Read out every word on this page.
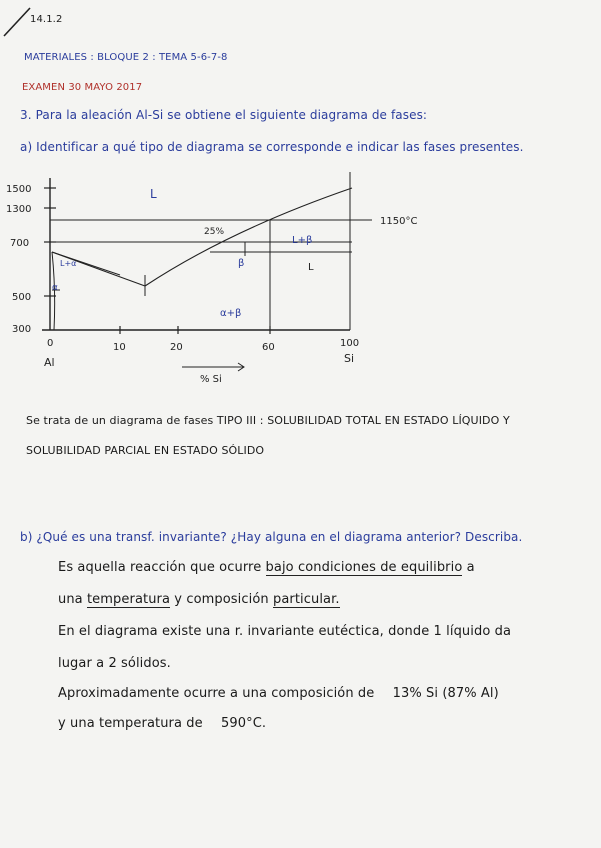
14.1.2
MATERIALES : BLOQUE 2 : TEMA 5-6-7-8
EXAMEN 30 MAYO 2017
3. Para la aleación Al-Si se obtiene el siguiente diagrama de fases:
a) Identificar a qué tipo de diagrama se corresponde e indicar las fases presentes.
1500
1300
700
500
300
0	10	20	60	100
Al	Si
% Si
1150°C
25%
L
L+β
β	L
L+α
α
α+β
Se trata de un diagrama de fases TIPO III : SOLUBILIDAD TOTAL EN ESTADO LÍQUIDO Y
SOLUBILIDAD PARCIAL EN ESTADO SÓLIDO
b) ¿Qué es una transf. invariante? ¿Hay alguna en el diagrama anterior? Describa.
Es aquella reacción que ocurre bajo condiciones de equilibrio a
una temperatura y composición particular.
En el diagrama existe una r. invariante eutéctica, donde 1 líquido da
lugar a 2 sólidos.
Aproximadamente ocurre a una composición de 13% Si (87% Al)
y una temperatura de 590°C.
